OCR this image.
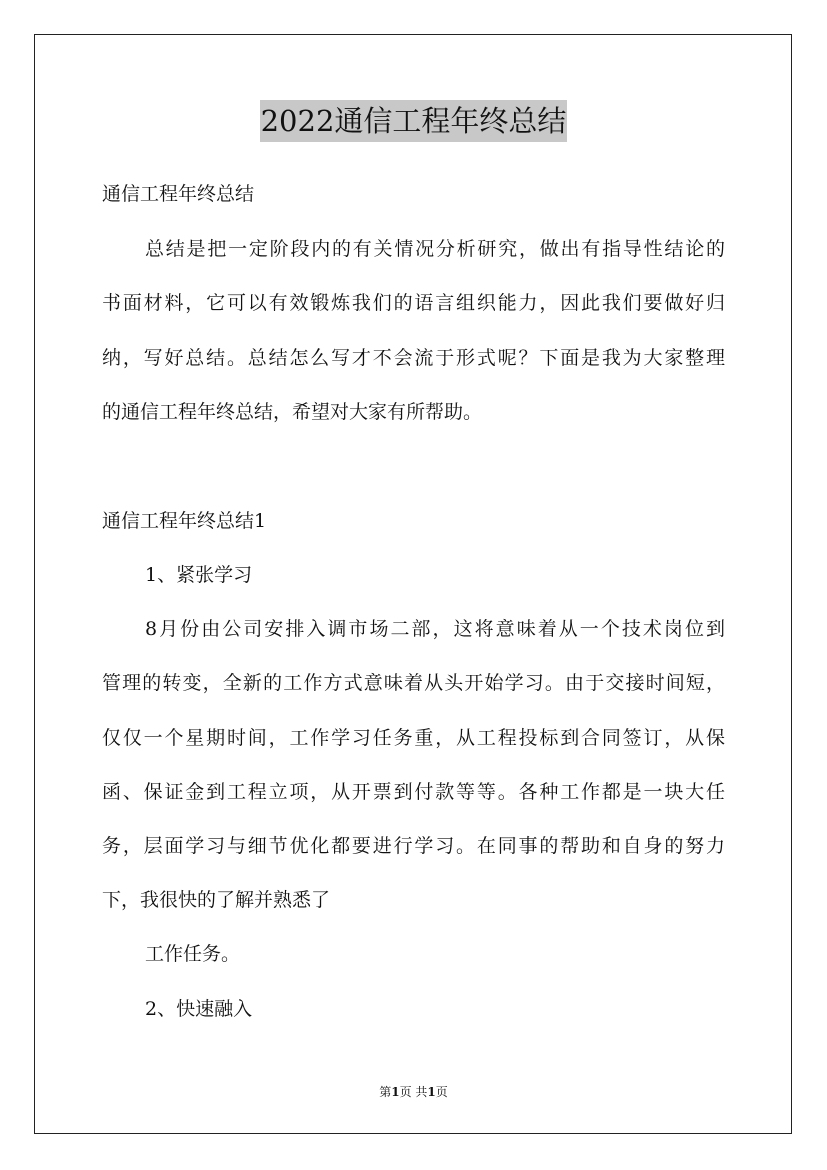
2022通信工程年终总结
通信工程年终总结
总结是把一定阶段内的有关情况分析研究，做出有指导性结论的
书面材料，它可以有效锻炼我们的语言组织能力，因此我们要做好归
纳，写好总结。总结怎么写才不会流于形式呢？下面是我为大家整理
的通信工程年终总结，希望对大家有所帮助。
通信工程年终总结1
1、紧张学习
8月份由公司安排入调市场二部，这将意味着从一个技术岗位到
管理的转变，全新的工作方式意味着从头开始学习。由于交接时间短，
仅仅一个星期时间，工作学习任务重，从工程投标到合同签订，从保
函、保证金到工程立项，从开票到付款等等。各种工作都是一块大任
务，层面学习与细节优化都要进行学习。在同事的帮助和自身的努力
下，我很快的了解并熟悉了
工作任务。
2、快速融入
第1页 共1页
